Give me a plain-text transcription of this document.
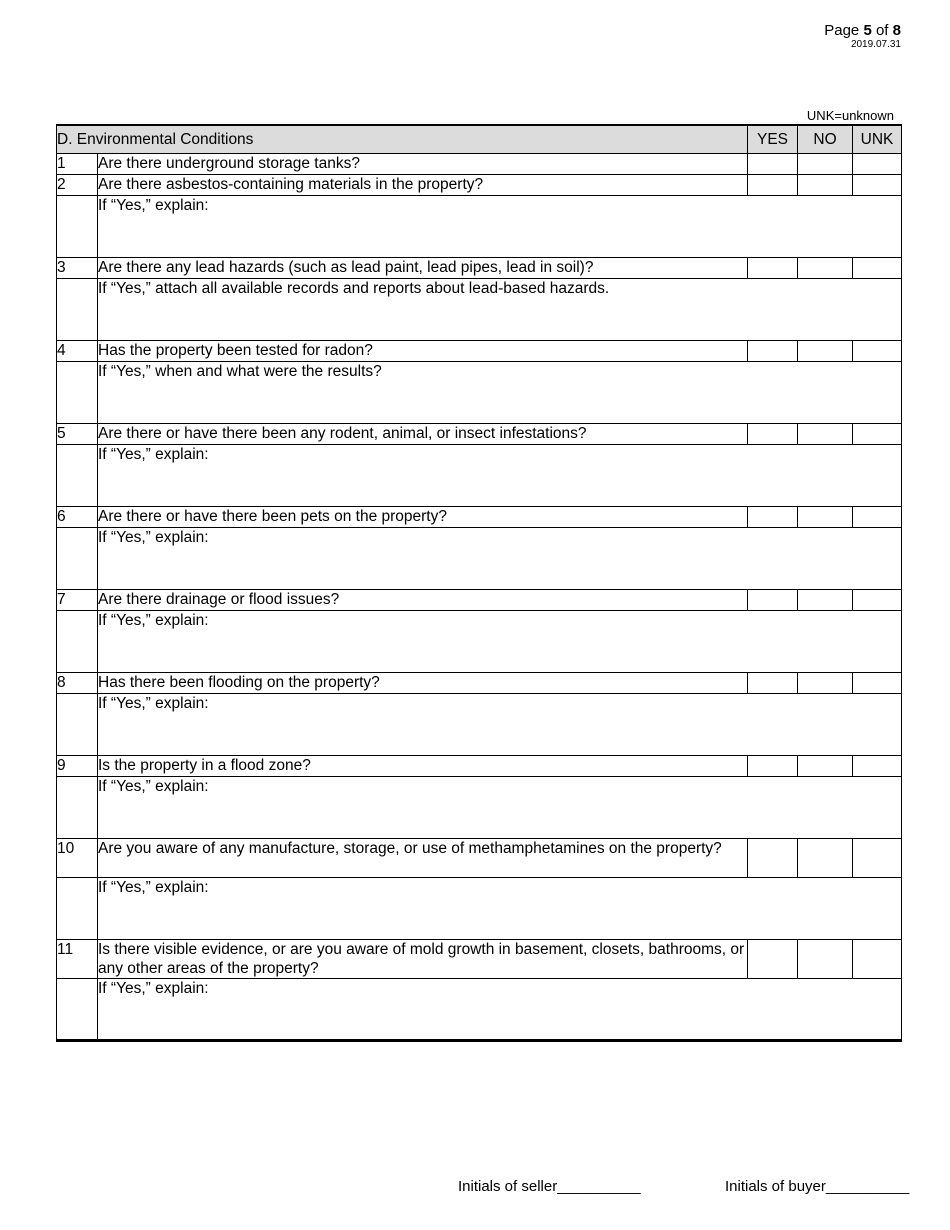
Page 5 of 8
2019.07.31
UNK=unknown
D. Environmental Conditions		YES	NO	UNK
1	Are there underground storage tanks?			
2	Are there asbestos-containing materials in the property?			
	If “Yes,” explain:			
3	Are there any lead hazards (such as lead paint, lead pipes, lead in soil)?			
	If “Yes,” attach all available records and reports about lead-based hazards.			
4	Has the property been tested for radon?			
	If “Yes,” when and what were the results?			
5	Are there or have there been any rodent, animal, or insect infestations?			
	If “Yes,” explain:			
6	Are there or have there been pets on the property?			
	If “Yes,” explain:			
7	Are there drainage or flood issues?			
	If “Yes,” explain:			
8	Has there been flooding on the property?			
	If “Yes,” explain:			
9	Is the property in a flood zone?			
	If “Yes,” explain:			
10	Are you aware of any manufacture, storage, or use of methamphetamines on the property?			
	If “Yes,” explain:			
11	Is there visible evidence, or are you aware of mold growth in basement, closets, bathrooms, or any other areas of the property?			
	If “Yes,” explain:			
Initials of seller__________	Initials of buyer__________
